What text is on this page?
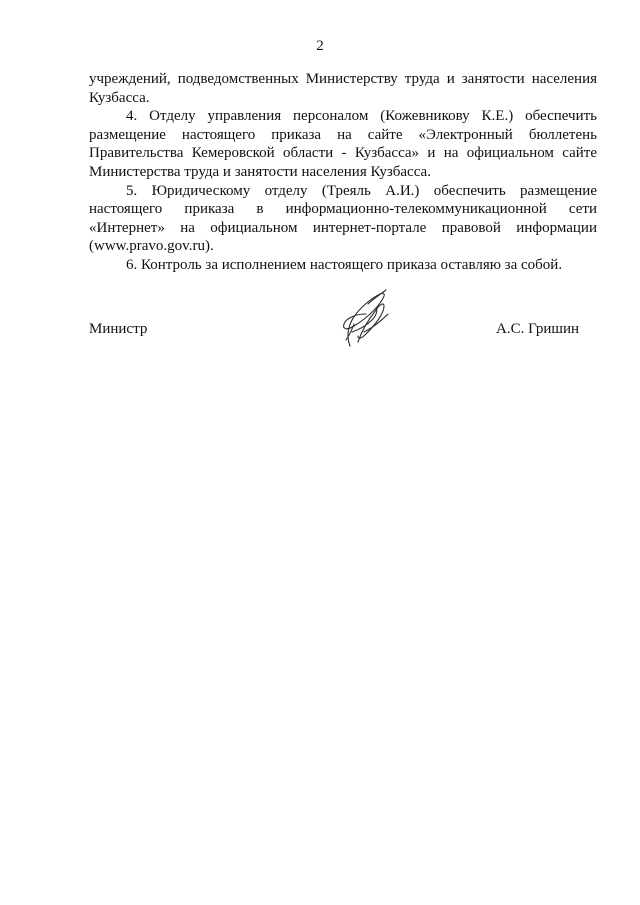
2

учреждений, подведомственных Министерству труда и занятости населения Кузбасса.

4. Отделу управления персоналом (Кожевникову К.Е.) обеспечить размещение настоящего приказа на сайте «Электронный бюллетень Правительства Кемеровской области - Кузбасса» и на официальном сайте Министерства труда и занятости населения Кузбасса.

5. Юридическому отделу (Треяль А.И.) обеспечить размещение настоящего приказа в информационно-телекоммуникационной сети «Интернет» на официальном интернет-портале правовой информации (www.pravo.gov.ru).

6. Контроль за исполнением настоящего приказа оставляю за собой.

Министр	А.С. Гришин
